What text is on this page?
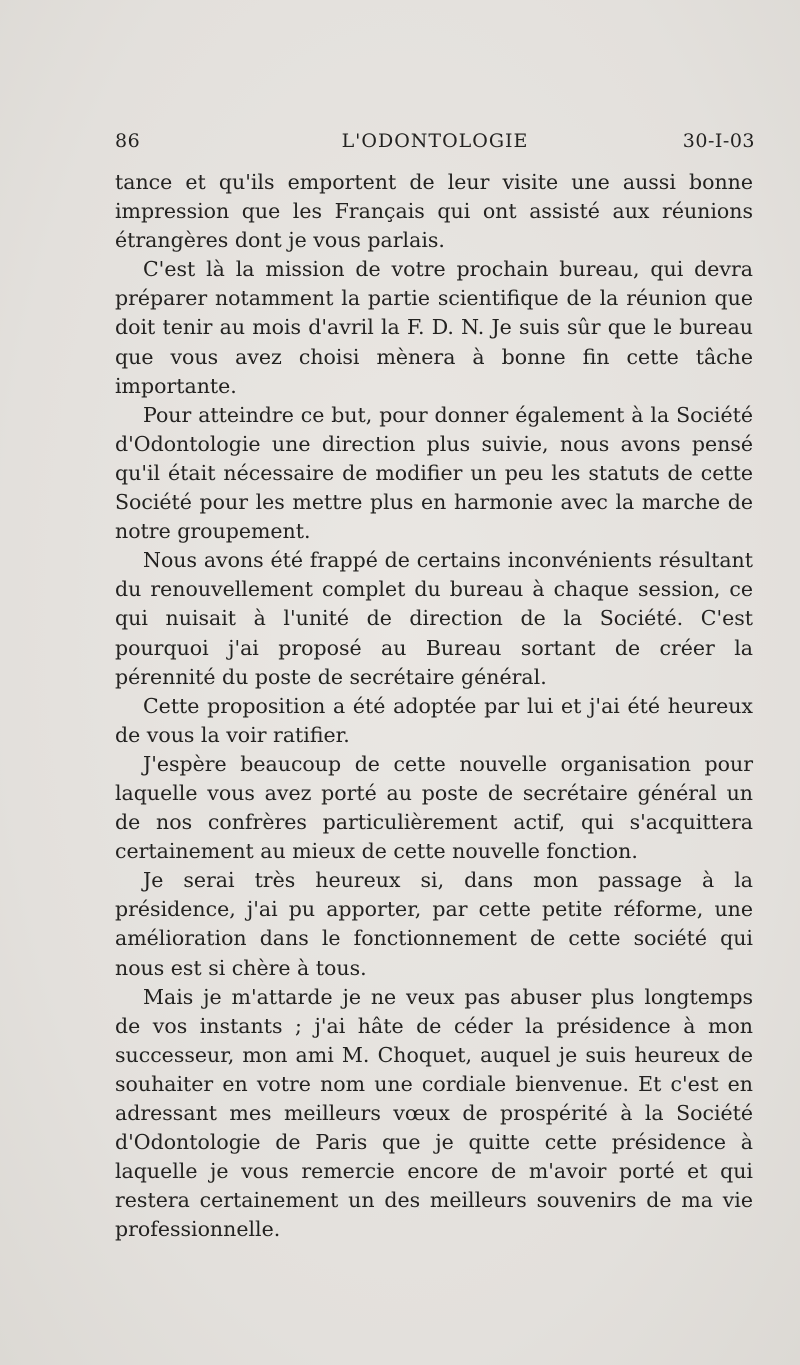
86	L'ODONTOLOGIE	30-I-03

tance et qu'ils emportent de leur visite une aussi bonne impression que les Français qui ont assisté aux réunions étrangères dont je vous parlais.

C'est là la mission de votre prochain bureau, qui devra préparer notamment la partie scientifique de la réunion que doit tenir au mois d'avril la F. D. N. Je suis sûr que le bureau que vous avez choisi mènera à bonne fin cette tâche importante.

Pour atteindre ce but, pour donner également à la Société d'Odontologie une direction plus suivie, nous avons pensé qu'il était nécessaire de modifier un peu les statuts de cette Société pour les mettre plus en harmonie avec la marche de notre groupement.

Nous avons été frappé de certains inconvénients résultant du renouvellement complet du bureau à chaque session, ce qui nuisait à l'unité de direction de la Société. C'est pourquoi j'ai proposé au Bureau sortant de créer la pérennité du poste de secrétaire général.

Cette proposition a été adoptée par lui et j'ai été heureux de vous la voir ratifier.

J'espère beaucoup de cette nouvelle organisation pour laquelle vous avez porté au poste de secrétaire général un de nos confrères particulièrement actif, qui s'acquittera certainement au mieux de cette nouvelle fonction.

Je serai très heureux si, dans mon passage à la présidence, j'ai pu apporter, par cette petite réforme, une amélioration dans le fonctionnement de cette société qui nous est si chère à tous.

Mais je m'attarde je ne veux pas abuser plus longtemps de vos instants ; j'ai hâte de céder la présidence à mon successeur, mon ami M. Choquet, auquel je suis heureux de souhaiter en votre nom une cordiale bienvenue. Et c'est en adressant mes meilleurs vœux de prospérité à la Société d'Odontologie de Paris que je quitte cette présidence à laquelle je vous remercie encore de m'avoir porté et qui restera certainement un des meilleurs souvenirs de ma vie professionnelle.
